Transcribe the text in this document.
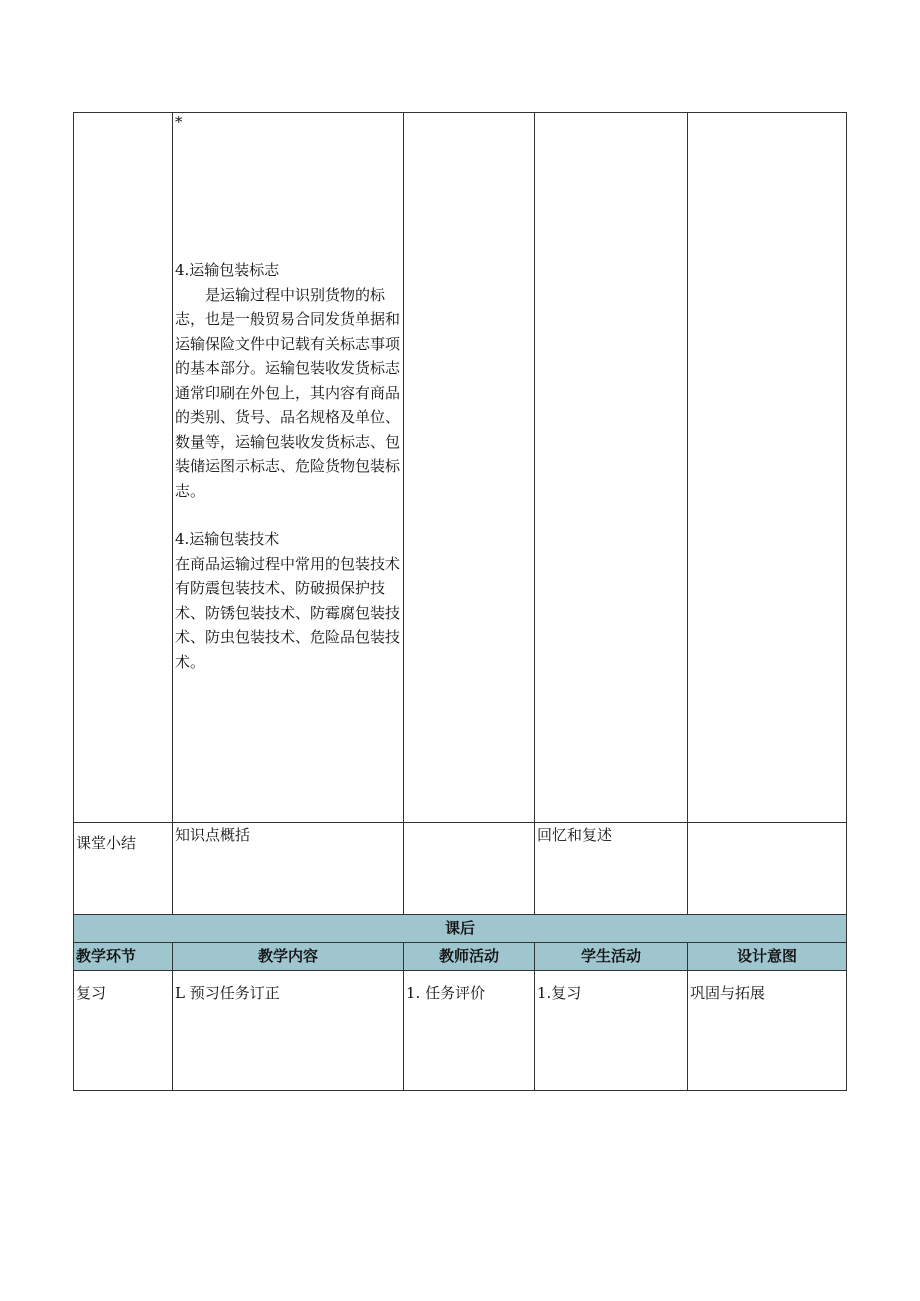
	*

4.运输包装标志

是运输过程中识别货物的标志，也是一般贸易合同发货单据和运输保险文件中记载有关标志事项的基本部分。运输包装收发货标志通常印刷在外包上，其内容有商品的类别、货号、品名规格及单位、数量等，运输包装收发货标志、包装储运图示标志、危险货物包装标志。

4.运输包装技术

在商品运输过程中常用的包装技术有防震包装技术、防破损保护技术、防锈包装技术、防霉腐包装技术、防虫包装技术、危险品包装技术。			

课堂小结	知识点概括		回忆和复述	
课后				
教学环节	教学内容	教师活动	学生活动	设计意图
复习	L 预习任务订正	1. 任务评价	1.复习	巩固与拓展
